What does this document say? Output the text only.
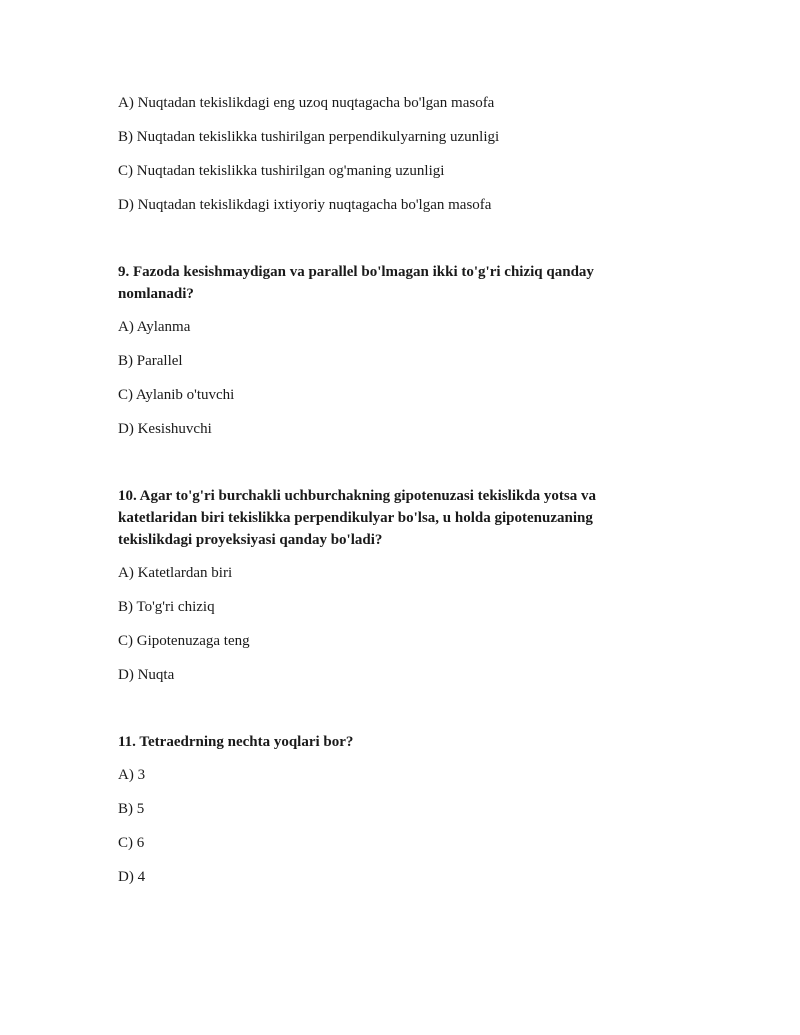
A) Nuqtadan tekislikdagi eng uzoq nuqtagacha bo'lgan masofa
B) Nuqtadan tekislikka tushirilgan perpendikulyarning uzunligi
C) Nuqtadan tekislikka tushirilgan og'maning uzunligi
D) Nuqtadan tekislikdagi ixtiyoriy nuqtagacha bo'lgan masofa
9. Fazoda kesishmaydigan va parallel bo'lmagan ikki to'g'ri chiziq qanday nomlanadi?
A) Aylanma
B) Parallel
C) Aylanib o'tuvchi
D) Kesishuvchi
10. Agar to'g'ri burchakli uchburchakning gipotenuzasi tekislikda yotsa va katetlaridan biri tekislikka perpendikulyar bo'lsa, u holda gipotenuzaning tekislikdagi proyeksiyasi qanday bo'ladi?
A) Katetlardan biri
B) To'g'ri chiziq
C) Gipotenuzaga teng
D) Nuqta
11. Tetraedrning nechta yoqlari bor?
A) 3
B) 5
C) 6
D) 4
